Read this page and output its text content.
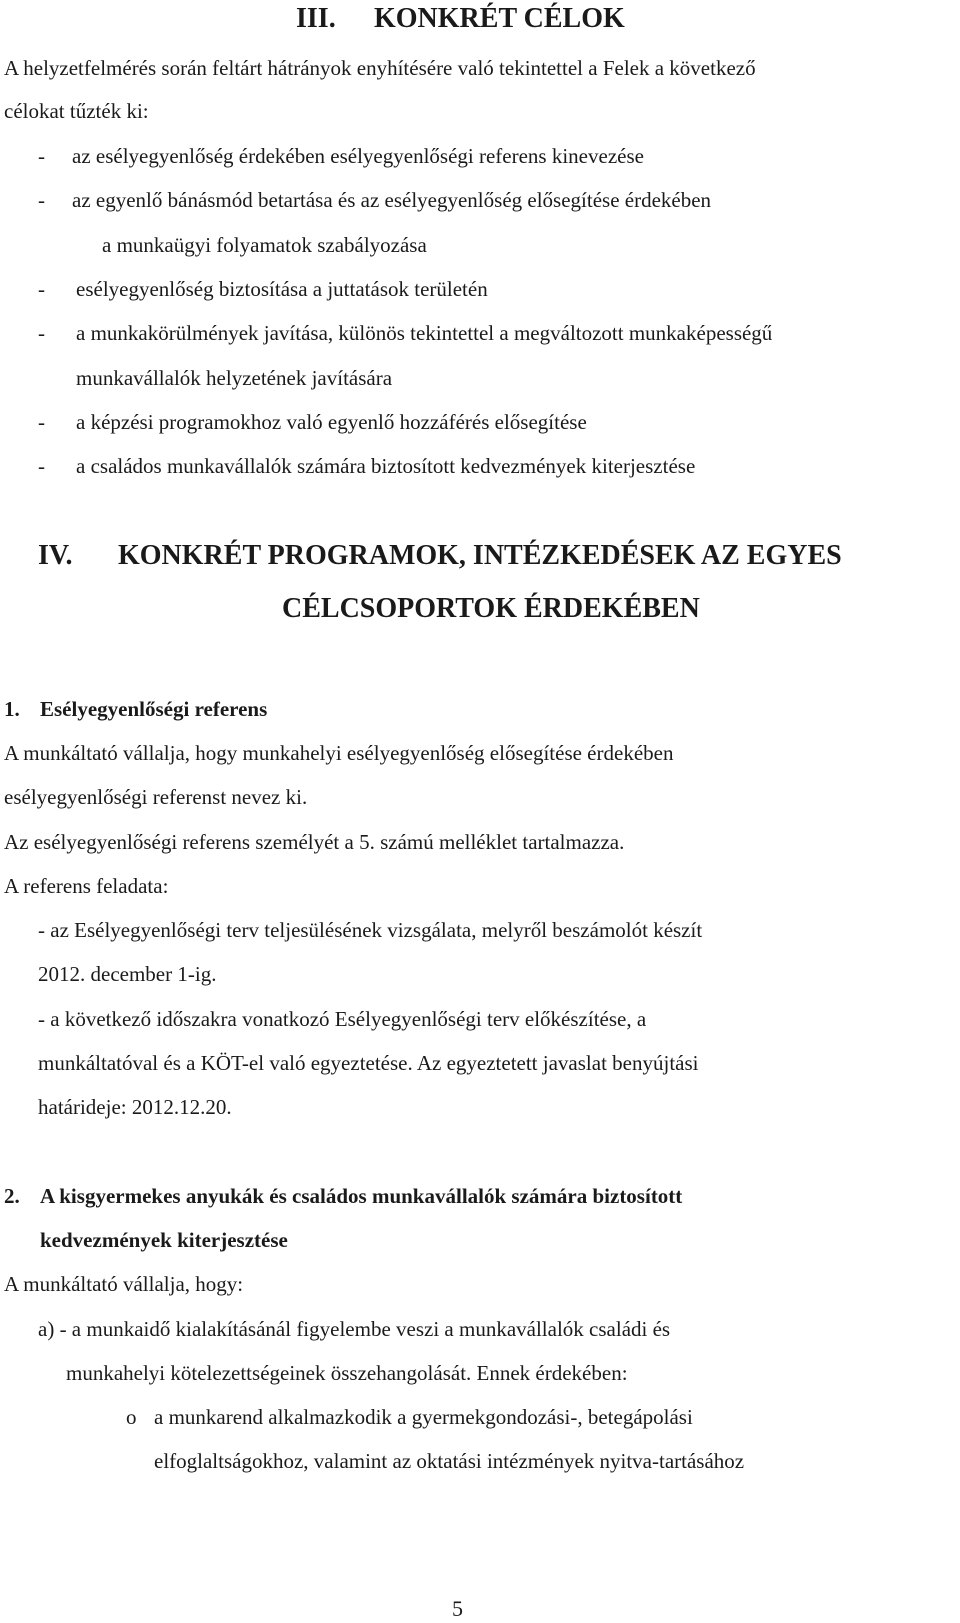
III. KONKRÉT CÉLOK
A helyzetfelmérés során feltárt hátrányok enyhítésére való tekintettel a Felek a következő
célokat tűzték ki:
- az esélyegyenlőség érdekében esélyegyenlőségi referens kinevezése
- az egyenlő bánásmód betartása és az esélyegyenlőség elősegítése érdekében
a munkaügyi folyamatok szabályozása
- esélyegyenlőség biztosítása a juttatások területén
- a munkakörülmények javítása, különös tekintettel a megváltozott munkaképességű
munkavállalók helyzetének javítására
- a képzési programokhoz való egyenlő hozzáférés elősegítése
- a családos munkavállalók számára biztosított kedvezmények kiterjesztése
IV. KONKRÉT PROGRAMOK, INTÉZKEDÉSEK AZ EGYES
CÉLCSOPORTOK ÉRDEKÉBEN
1. Esélyegyenlőségi referens
A munkáltató vállalja, hogy munkahelyi esélyegyenlőség elősegítése érdekében
esélyegyenlőségi referenst nevez ki.
Az esélyegyenlőségi referens személyét a 5. számú melléklet tartalmazza.
A referens feladata:
- az Esélyegyenlőségi terv teljesülésének vizsgálata, melyről beszámolót készít
2012. december 1-ig.
- a következő időszakra vonatkozó Esélyegyenlőségi terv előkészítése, a
munkáltatóval és a KÖT-el való egyeztetése. Az egyeztetett javaslat benyújtási
határideje: 2012.12.20.
2. A kisgyermekes anyukák és családos munkavállalók számára biztosított
kedvezmények kiterjesztése
A munkáltató vállalja, hogy:
a) - a munkaidő kialakításánál figyelembe veszi a munkavállalók családi és
munkahelyi kötelezettségeinek összehangolását. Ennek érdekében:
o a munkarend alkalmazkodik a gyermekgondozási-, betegápolási
elfoglaltságokhoz, valamint az oktatási intézmények nyitva-tartásához
5
